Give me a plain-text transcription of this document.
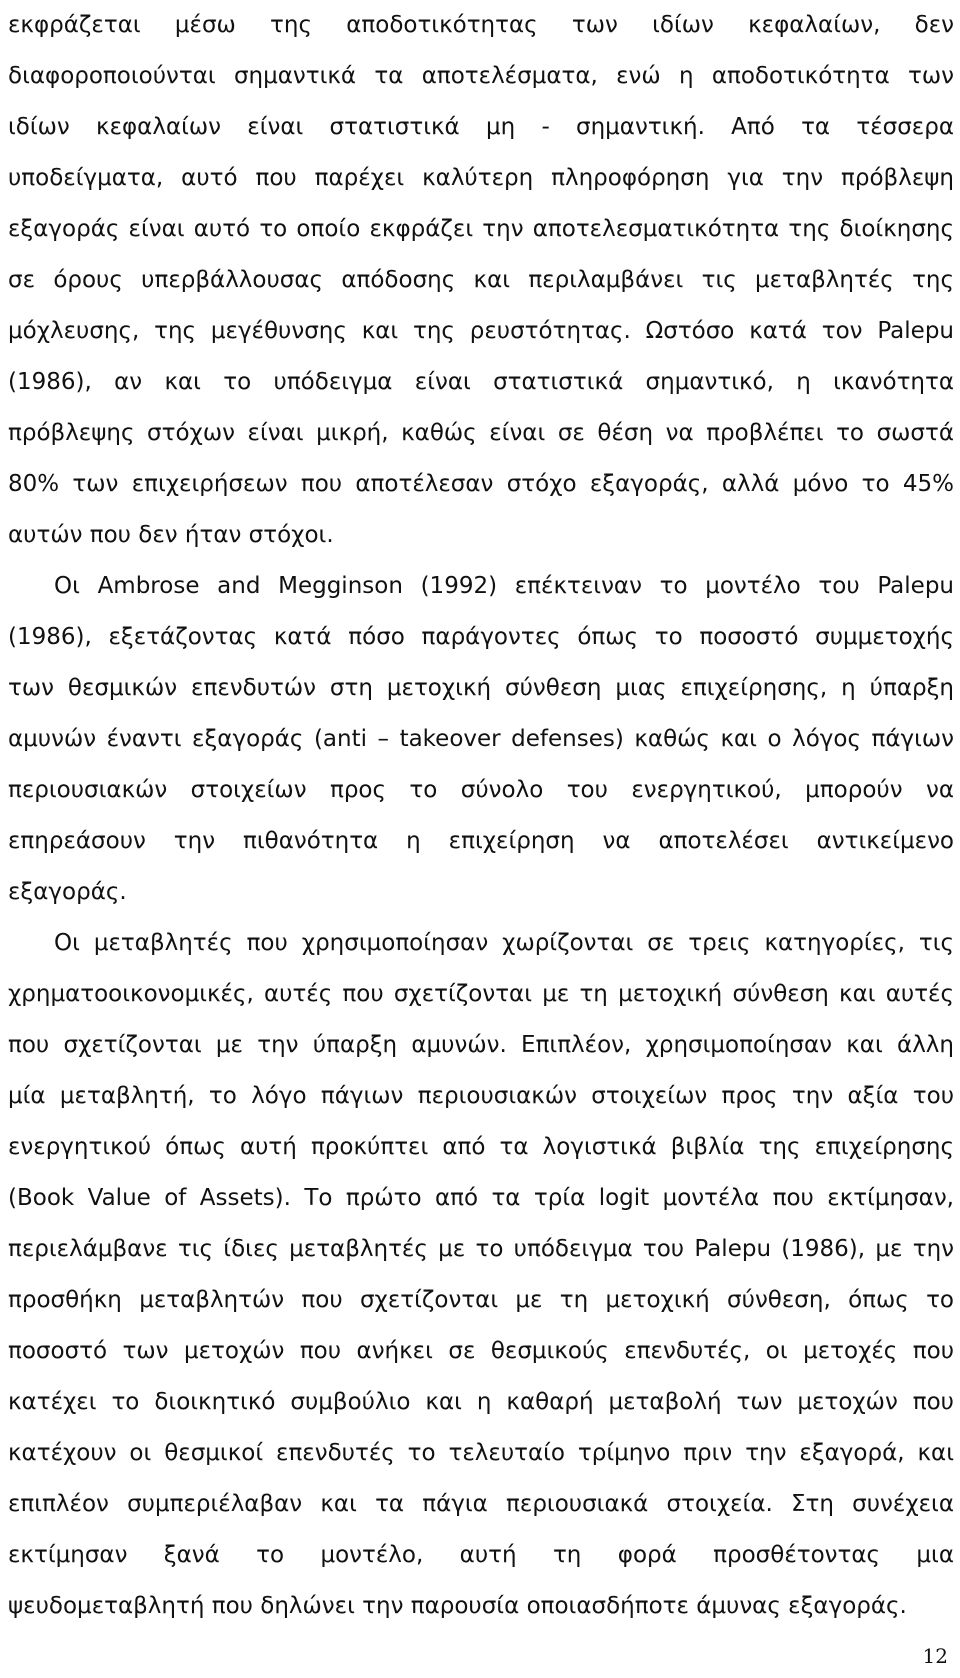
εκφράζεται μέσω της αποδοτικότητας των ιδίων κεφαλαίων, δεν
διαφοροποιούνται σημαντικά τα αποτελέσματα, ενώ η αποδοτικότητα των
ιδίων κεφαλαίων είναι στατιστικά μη - σημαντική. Από τα τέσσερα
υποδείγματα, αυτό που παρέχει καλύτερη πληροφόρηση για την πρόβλεψη
εξαγοράς είναι αυτό το οποίο εκφράζει την αποτελεσματικότητα της διοίκησης
σε όρους υπερβάλλουσας απόδοσης και περιλαμβάνει τις μεταβλητές της
μόχλευσης, της μεγέθυνσης και της ρευστότητας. Ωστόσο κατά τον Palepu
(1986), αν και το υπόδειγμα είναι στατιστικά σημαντικό, η ικανότητα
πρόβλεψης στόχων είναι μικρή, καθώς είναι σε θέση να προβλέπει το σωστά
80% των επιχειρήσεων που αποτέλεσαν στόχο εξαγοράς, αλλά μόνο το 45%
αυτών που δεν ήταν στόχοι.
Οι Ambrose and Megginson (1992) επέκτειναν το μοντέλο του Palepu
(1986), εξετάζοντας κατά πόσο παράγοντες όπως το ποσοστό συμμετοχής
των θεσμικών επενδυτών στη μετοχική σύνθεση μιας επιχείρησης, η ύπαρξη
αμυνών έναντι εξαγοράς (anti – takeover defenses) καθώς και ο λόγος πάγιων
περιουσιακών στοιχείων προς το σύνολο του ενεργητικού, μπορούν να
επηρεάσουν την πιθανότητα η επιχείρηση να αποτελέσει αντικείμενο
εξαγοράς.
Οι μεταβλητές που χρησιμοποίησαν χωρίζονται σε τρεις κατηγορίες, τις
χρηματοοικονομικές, αυτές που σχετίζονται με τη μετοχική σύνθεση και αυτές
που σχετίζονται με την ύπαρξη αμυνών. Επιπλέον, χρησιμοποίησαν και άλλη
μία μεταβλητή, το λόγο πάγιων περιουσιακών στοιχείων προς την αξία του
ενεργητικού όπως αυτή προκύπτει από τα λογιστικά βιβλία της επιχείρησης
(Book Value of Assets). Το πρώτο από τα τρία logit μοντέλα που εκτίμησαν,
περιελάμβανε τις ίδιες μεταβλητές με το υπόδειγμα του Palepu (1986), με την
προσθήκη μεταβλητών που σχετίζονται με τη μετοχική σύνθεση, όπως το
ποσοστό των μετοχών που ανήκει σε θεσμικούς επενδυτές, οι μετοχές που
κατέχει το διοικητικό συμβούλιο και η καθαρή μεταβολή των μετοχών που
κατέχουν οι θεσμικοί επενδυτές το τελευταίο τρίμηνο πριν την εξαγορά, και
επιπλέον συμπεριέλαβαν και τα πάγια περιουσιακά στοιχεία. Στη συνέχεια
εκτίμησαν ξανά το μοντέλο, αυτή τη φορά προσθέτοντας μια
ψευδομεταβλητή που δηλώνει την παρουσία οποιασδήποτε άμυνας εξαγοράς.
12
